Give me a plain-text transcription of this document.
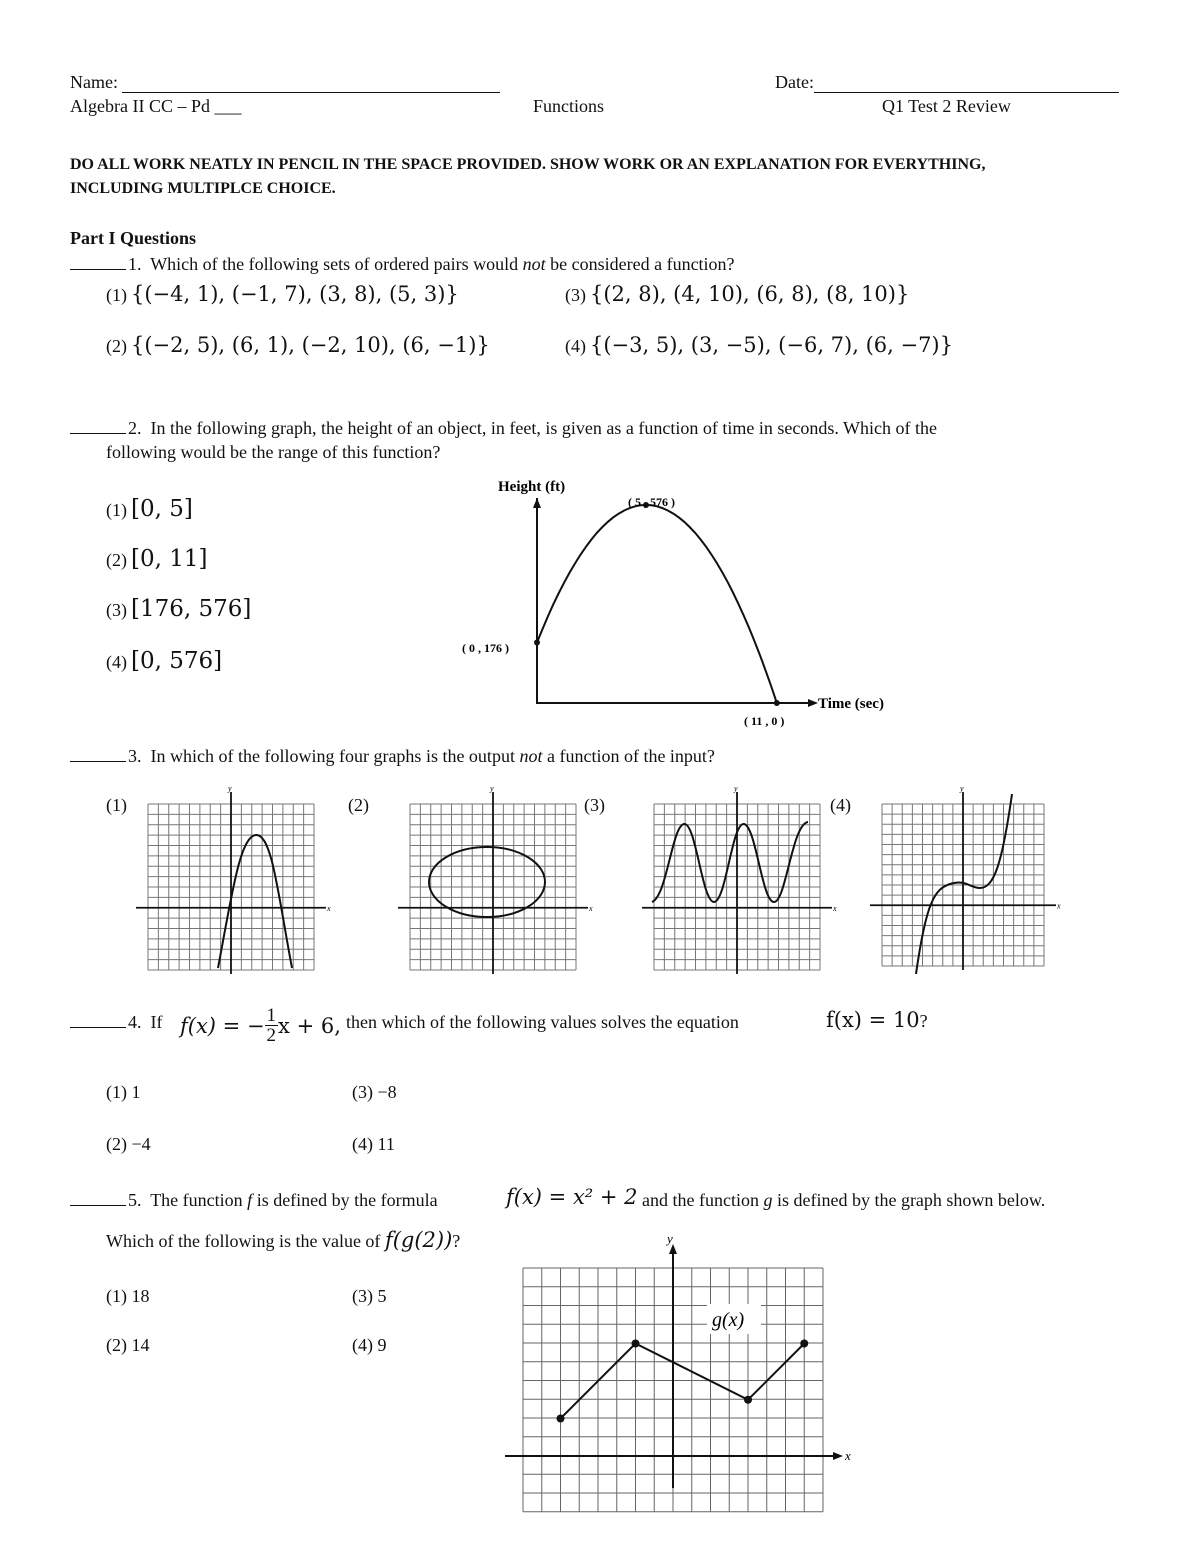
Name:	Date:
Algebra II CC – Pd ___	Functions	Q1 Test 2 Review
DO ALL WORK NEATLY IN PENCIL IN THE SPACE PROVIDED. SHOW WORK OR AN EXPLANATION FOR EVERYTHING,
INCLUDING MULTIPLCE CHOICE.
Part I Questions
1. Which of the following sets of ordered pairs would not be considered a function?
(1) {(−4, 1), (−1, 7), (3, 8), (5, 3)}	(3) {(2, 8), (4, 10), (6, 8), (8, 10)}
(2) {(−2, 5), (6, 1), (−2, 10), (6, −1)}	(4) {(−3, 5), (3, −5), (−6, 7), (6, −7)}
2. In the following graph, the height of an object, in feet, is given as a function of time in seconds. Which of the
following would be the range of this function?
(1) [0, 5]
(2) [0, 11]
(3) [176, 576]
(4) [0, 576]
Height (ft)
Time (sec)
( 0 , 176 )
( 5 , 576 )
( 11 , 0 )
3. In which of the following four graphs is the output not a function of the input?
(1)	(2)	(3)	(4)
x
y
x
y
x
y
x
y
4. If f(x) = − $\frac{1}{2}$ x + 6, then which of the following values solves the equation	f(x) = 10?
(1) 1	(3) −8
(2) −4	(4) 11
5. The function f is defined by the formula	f(x) = x² + 2 and the function g is defined by the graph shown below.
Which of the following is the value of f(g(2))?
(1) 18	(3) 5
(2) 14	(4) 9
x
y
g(x)
